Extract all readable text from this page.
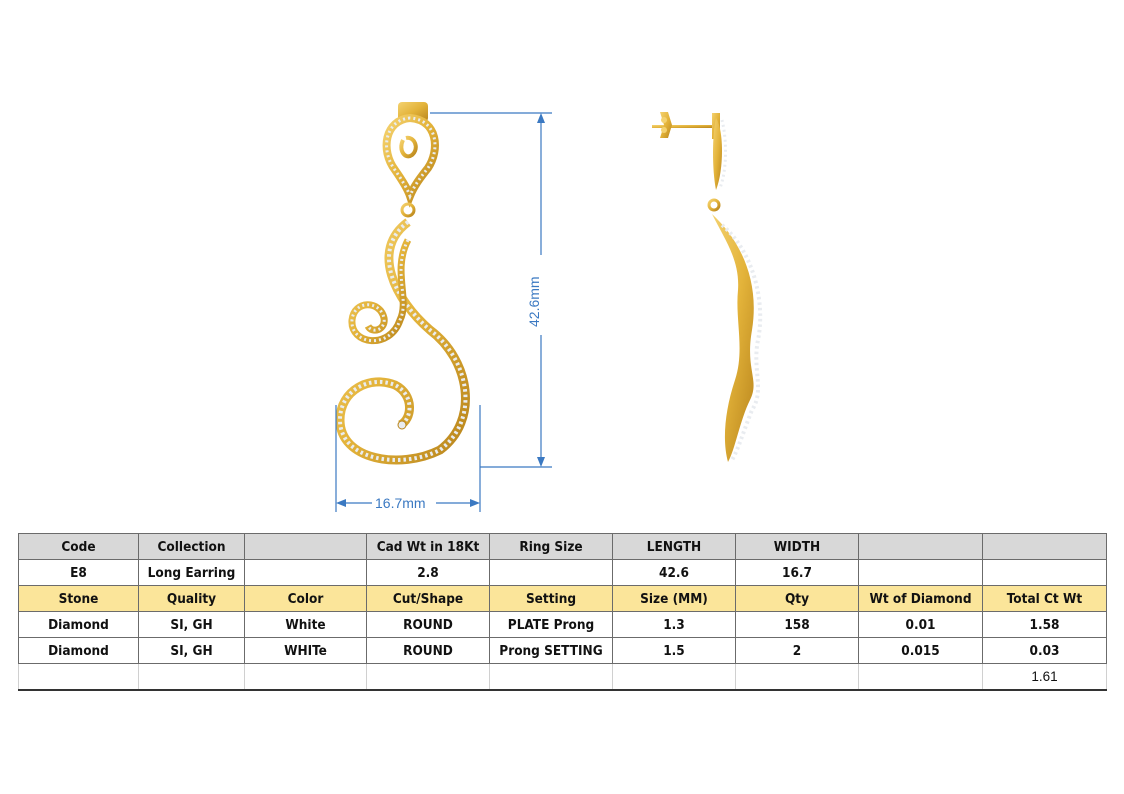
42.6mm
16.7mm
Code	Collection		Cad Wt in 18Kt	Ring Size	LENGTH	WIDTH		
E8	Long Earring		2.8		42.6	16.7		
Stone	Quality	Color	Cut/Shape	Setting	Size (MM)	Qty	Wt of Diamond	Total Ct Wt
Diamond	SI, GH	White	ROUND	PLATE Prong	1.3	158	0.01	1.58
Diamond	SI, GH	WHITe	ROUND	Prong SETTING	1.5	2	0.015	0.03
								1.61
